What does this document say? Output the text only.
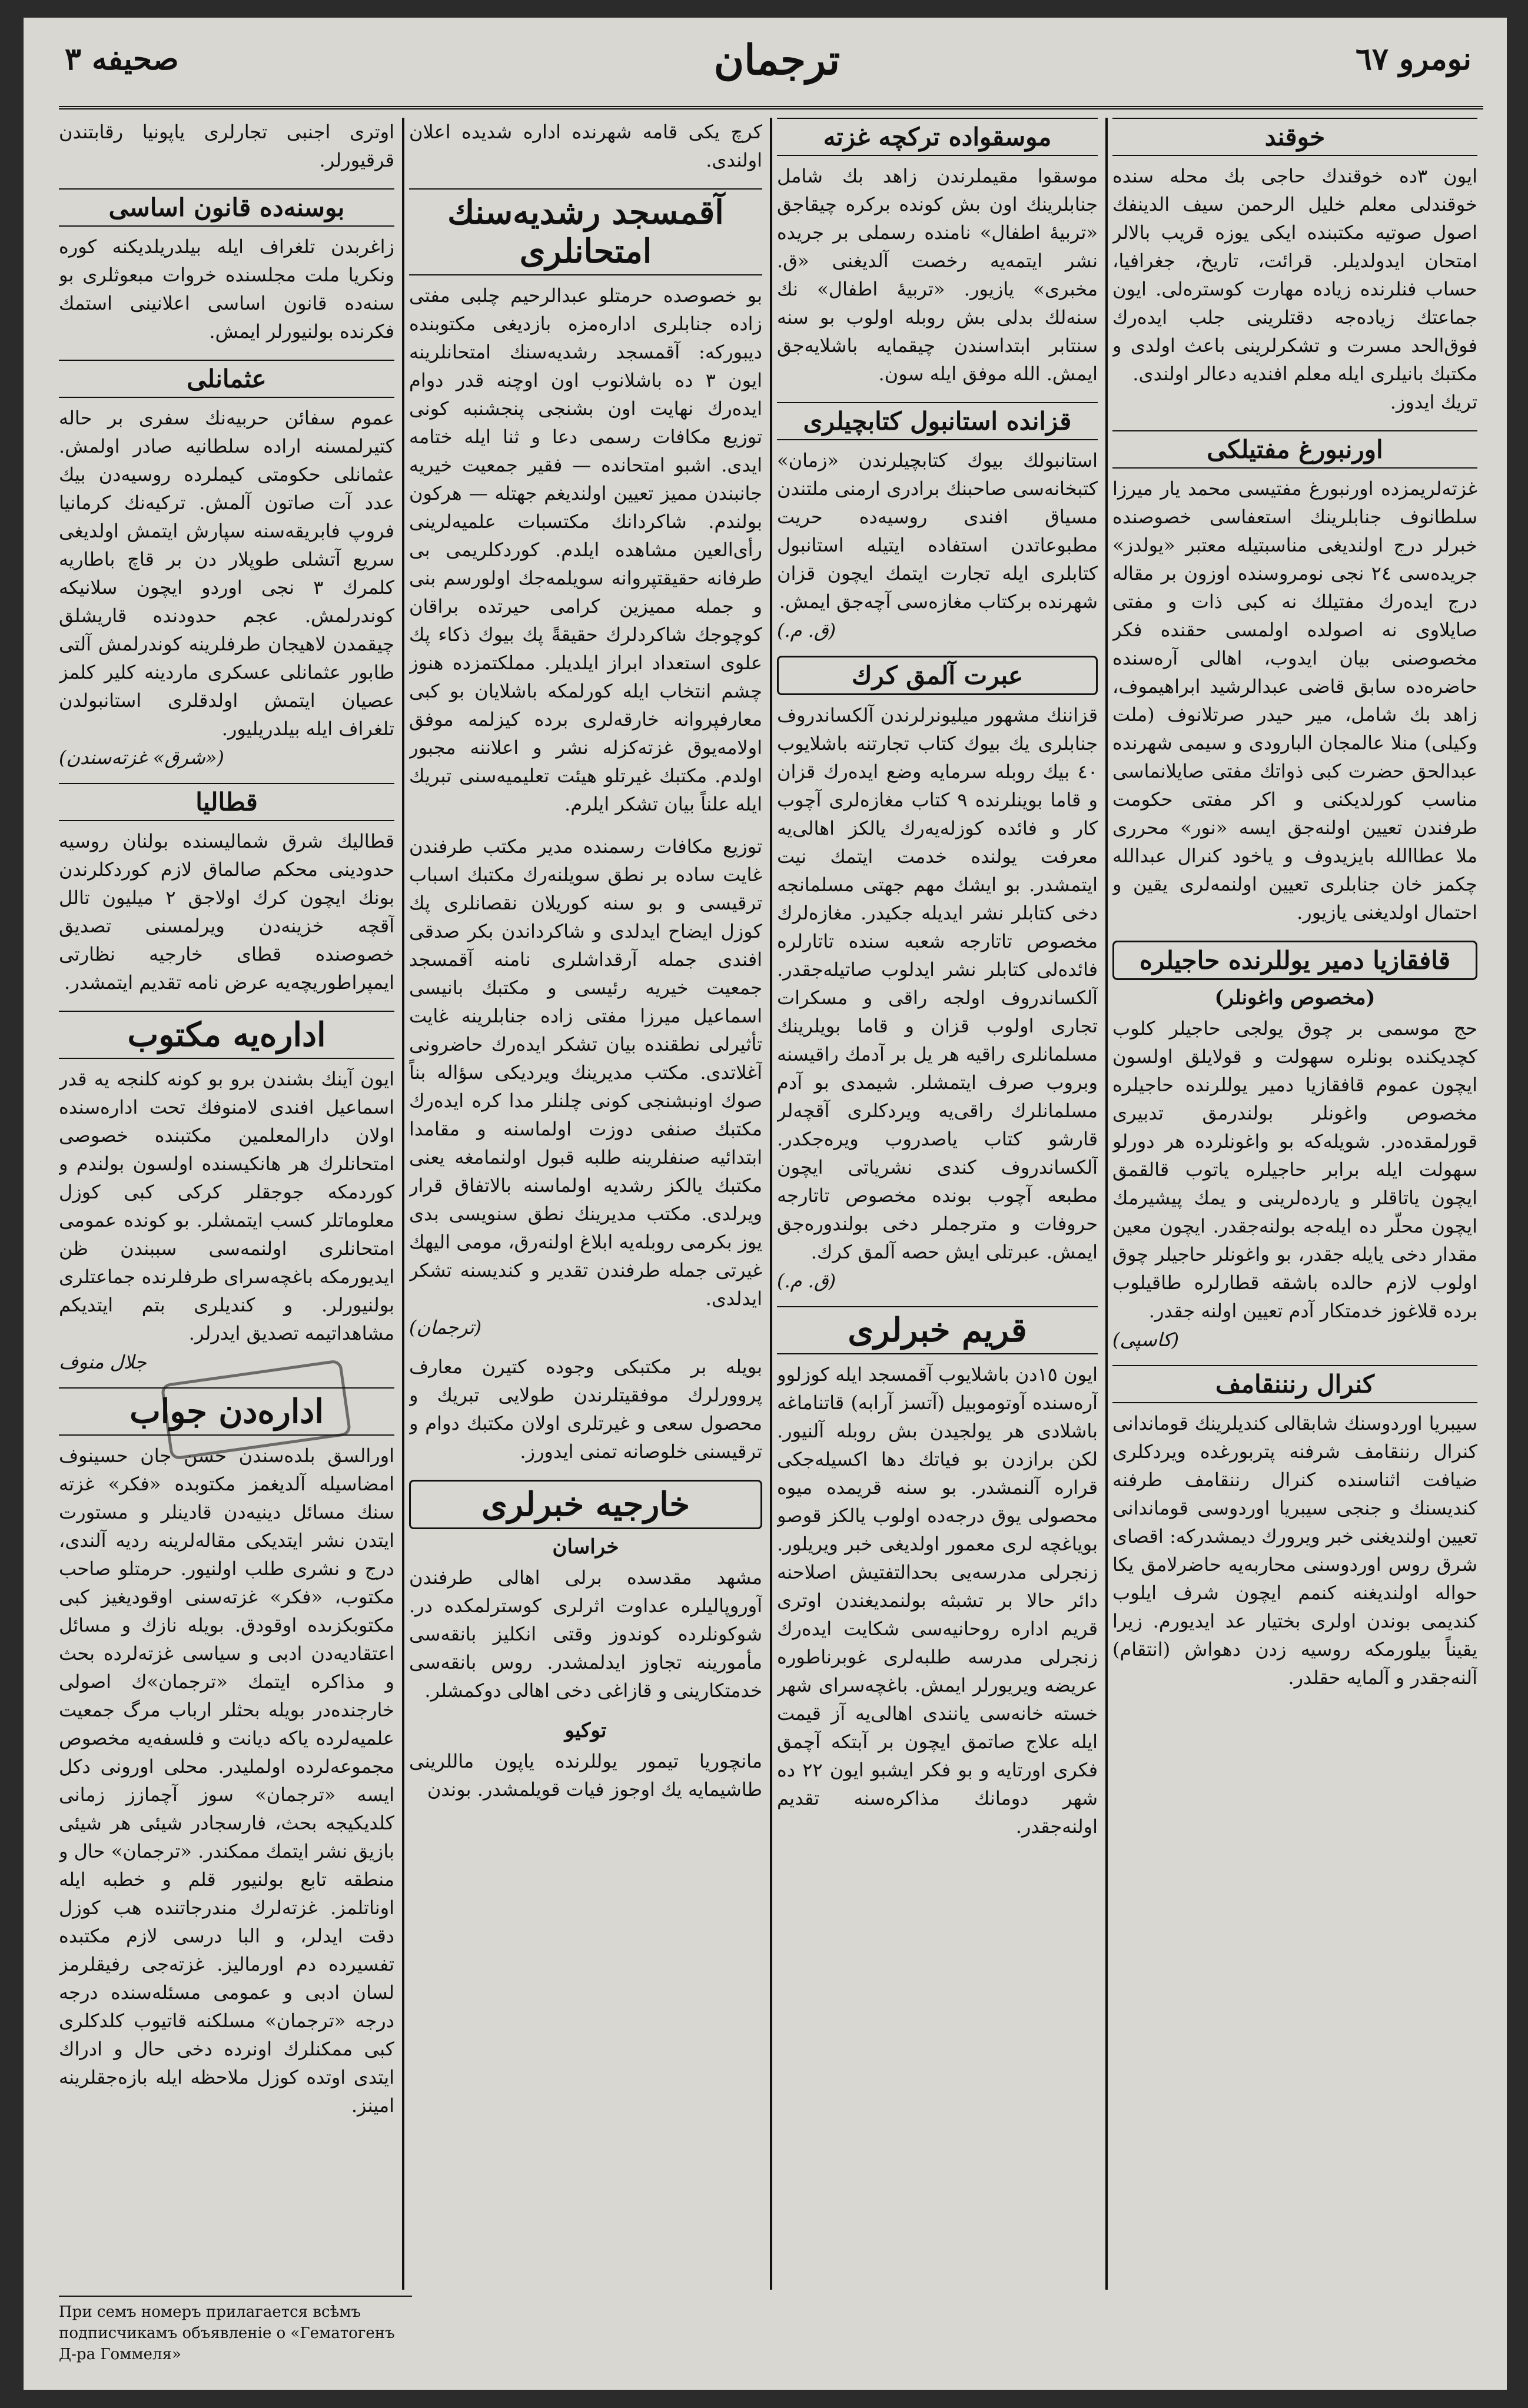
صحيفه ٣	ترجمان	نومرو ٦٧
خوقند
ايون ٣ده خوقندك حاجى بك محله سنده خوقندلى معلم خليل الرحمن سيف الدينفك اصول صوتيه مكتبنده ايكى يوزه قريب بالالر امتحان ايدولديلر. قرائت، تاريخ، جغرافيا، حساب فنلرنده زياده مهارت كوستره‌لى. ايون جماعتك زياده‌جه دقتلرينى جلب ايده‌رك فوق‌الحد مسرت و تشكرلرينى باعث اولدى و مكتبك بانيلرى ايله معلم افنديه دعالر اولندى.
تريك ايدوز.
اورنبورغ مفتيلكى
غزته‌لريمزده اورنبورغ مفتيسى محمد يار ميرزا سلطانوف جنابلرينك استعفاسى خصوصنده خبرلر درج اولنديغى مناسبتيله معتبر «يولدز» جريده‌سى ٢٤ نجى نومروسنده اوزون بر مقاله درج ايده‌رك مفتيلك نه كبى ذات و مفتى صايلاوى نه اصولده اولمسى حقنده فكر مخصوصنى بيان ايدوب، اهالى آره‌سنده حاضره‌ده سابق قاضى عبدالرشيد ابراهيموف، زاهد بك شامل، مير حيدر صرتلانوف (ملت وكيلى) منلا عالمجان البارودى و سيمى شهرنده عبدالحق حضرت كبى ذواتك مفتى صايلانماسى مناسب كورلديكنى و اكر مفتى حكومت طرفندن تعيين اولنه‌جق ايسه «نور» محررى ملا عطاالله بايزيدوف و ياخود كنرال عبدالله چكمز خان جنابلرى تعيين اولنمه‌لرى يقين و احتمال اولديغنى يازيور.
قافقازيا دمير يوللرنده حاجيلره
(مخصوص واغونلر)
حج موسمى بر چوق يولجى حاجيلر كلوب كچديكنده بونلره سهولت و قولايلق اولسون ايچون عموم قافقازيا دمير يوللرنده حاجيلره مخصوص واغونلر بولندرمق تدبيرى قورلمقده‌در. شويله‌كه بو واغونلرده هر دورلو سهولت ايله برابر حاجيلره ياتوب قالقمق ايچون ياتاقلر و يارده‌لرينى و يمك پيشيرمك ايچون محلّر ده ايله‌جه بولنه‌جقدر. ايچون معين مقدار دخى يايله جقدر، بو واغونلر حاجيلر چوق اولوب لازم حالده باشقه قطارلره طاقيلوب برده قلاغوز خدمتكار آدم تعيين اولنه جقدر.
(كاسپى)
كنرال رنننقامف
سيبريا اوردوسنك شابقالى كنديلرينك قوماندانى كنرال رننقامف شرفنه پتربورغده ويردكلرى ضيافت اثناسنده كنرال رننقامف طرفنه كنديسنك و جنجى سيبريا اوردوسى قوماندانى تعيين اولنديغنى خبر ويرورك ديمشدركه: اقصاى شرق روس اوردوسنى محاربه‌يه حاضرلامق يكا حواله اولنديغنه كنمم ايچون شرف ايلوب كنديمى بوندن اولرى بختيار عد ايديورم. زيرا يقيناً بيلورمكه روسيه زدن دهواش (انتقام) آلنه‌جقدر و آلمايه حقلدر.
موسقواده تركچه غزته
موسقوا مقيملرندن زاهد بك شامل جنابلرينك اون بش كونده بركره چيقاجق «تربيهٔ اطفال» نامنده رسملى بر جريده نشر ايتمه‌يه رخصت آلديغنى «ق. مخبرى» يازيور. «تربيهٔ اطفال» نك سنه‌لك بدلى بش روبله اولوب بو سنه سنتابر ابتداسندن چيقمايه باشلايه‌جق ايمش. الله موفق ايله سون.
قزانده استانبول كتابچيلرى
استانبولك بيوك كتابچيلرندن «زمان» كتبخانه‌سى صاحبنك برادرى ارمنى ملتندن مسياق افندى روسيه‌ده حريت مطبوعاتدن استفاده ايتيله استانبول كتابلرى ايله تجارت ايتمك ايچون قزان شهرنده بركتاب مغازه‌سى آچه‌جق ايمش.
(ق. م.)
عبرت آلمق كرك
قزاننك مشهور ميليونرلرندن آلكساندروف جنابلرى يك بيوك كتاب تجارتنه باشلايوب ٤٠ بيك روبله سرمايه وضع ايده‌رك قزان و قاما بوينلرنده ٩ كتاب مغازه‌لرى آچوب كار و فائده كوزله‌يه‌رك يالكز اهالى‌يه معرفت يولنده خدمت ايتمك نيت ايتمشدر. بو ايشك مهم جهتى مسلمانجه دخى كتابلر نشر ايديله جكيدر. مغازه‌لرك مخصوص تاتارجه شعبه سنده تاتارلره فائده‌لى كتابلر نشر ايدلوب صاتيله‌جقدر. آلكساندروف اولجه راقى و مسكرات تجارى اولوب قزان و قاما بويلرينك مسلمانلرى راقيه هر يل بر آدمك راقيسنه وبروب صرف ايتمشلر. شيمدى بو آدم مسلمانلرك راقى‌يه ويردكلرى آقچه‌لر قارشو كتاب ياصدروب ويره‌جكدر. آلكساندروف كندى نشرياتى ايچون مطبعه آچوب بونده مخصوص تاتارجه حروفات و مترجملر دخى بولندوره‌جق ايمش. عبرتلى ايش حصه آلمق كرك.
(ق. م.)
قريم خبرلرى
ايون ١٥دن باشلايوب آقمسجد ايله كوزلوو آره‌سنده آوتوموبيل (آتسز آرابه) قاتناماغه باشلادى هر يولجيدن بش روبله آلنيور. لكن برازدن بو فياتك دها اكسيله‌جكى قراره آلنمشدر. بو سنه قريمده ميوه محصولى يوق درجه‌ده اولوب يالكز قوصو بوياغچه لرى معمور اولديغى خبر ويريلور. زنجرلى مدرسه‌يى بحدالتفتيش اصلاحنه دائر حالا بر تشبثه بولنمديغندن اوترى قريم اداره روحانيه‌سى شكايت ايده‌رك زنجرلى مدرسه طلبه‌لرى غوبرناطوره عريضه ويريورلر ايمش. باغچه‌سراى شهر خسته خانه‌سى يانندى اهالى‌يه آز قيمت ايله علاج صاتمق ايچون بر آبتكه آچمق فكرى اورتايه و بو فكر ايشبو ايون ٢٢ ده شهر دومانك مذاكره‌سنه تقديم اولنه‌جقدر.
كرچ يكى قامه شهرنده اداره شديده اعلان اولندى.
آقمسجد رشديه‌سنك امتحانلرى
بو خصوصده حرمتلو عبدالرحيم چلبى مفتى زاده جنابلرى اداره‌مزه بازديغى مكتوبنده ديبوركه: آقمسجد رشديه‌سنك امتحانلرينه ايون ٣ ده باشلانوب اون اوچنه قدر دوام ايده‌رك نهايت اون بشنجى پنجشنبه كونى توزيع مكافات رسمى دعا و ثنا ايله ختامه ايدى. اشبو امتحانده — فقير جمعيت خيريه جانبندن مميز تعيين اولنديغم جهتله — هركون بولندم. شاكردانك مكتسبات علميه‌لرينى رأى‌العين مشاهده ايلدم. كوردكلريمى بى طرفانه حقيقتپروانه سويلمه‌جك اولورسم بنى و جمله مميزين كرامى حيرتده براقان كوچوجك شاكردلرك حقيقةً پك بيوك ذكاء پك علوى استعداد ابراز ايلديلر. مملكتمزده هنوز چشم انتخاب ايله كورلمكه باشلايان بو كبى معارفپروانه خارقه‌لرى برده كيزلمه موفق اولامه‌يوق غزته‌كزله نشر و اعلاننه مجبور اولدم. مكتبك غيرتلو هيئت تعليميه‌سنى تبريك ايله علناً بيان تشكر ايلرم.
توزيع مكافات رسمنده مدير مكتب طرفندن غايت ساده بر نطق سويلنه‌رك مكتبك اسباب ترقيسى و بو سنه كوريلان نقصانلرى پك كوزل ايضاح ايدلدى و شاكرداندن بكر صدقى افندى جمله آرقداشلرى نامنه آقمسجد جمعيت خيريه رئيسى و مكتبك بانيسى اسماعيل ميرزا مفتى زاده جنابلرينه غايت تأثيرلى نطقنده بيان تشكر ايده‌رك حاضرونى آغلاتدى. مكتب مديرينك ويرديكى سؤاله بناً صوك اونبشنجى كونى چلنلر مدا كره ايده‌رك مكتبك صنفى دوزت اولماسنه و مقامدا ابتدائيه صنفلرينه طلبه قبول اولنمامغه يعنى مكتبك يالكز رشديه اولماسنه بالاتفاق قرار ويرلدى. مكتب مديرينك نطق سنويسى بدى يوز بكرمى روبله‌يه ابلاغ اولنه‌رق، مومى اليهك غيرتى جمله طرفندن تقدير و كنديسنه تشكر ايدلدى.
(ترجمان)
بويله بر مكتبكى وجوده كتيرن معارف پروورلرك موفقيتلرندن طولايى تبريك و محصول سعى و غيرتلرى اولان مكتبك دوام و ترقيسنى خلوصانه تمنى ايدورز.
خارجيه خبرلرى
خراسان
مشهد مقدسده برلى اهالى طرفندن آوروپاليلره عداوت اثرلرى كوسترلمكده در. شوكونلرده كوندوز وقتى انكليز بانقه‌سى مأمورينه تجاوز ايدلمشدر. روس بانقه‌سى خدمتكارينى و قازاغى دخى اهالى دوكمشلر.
توكيو
مانچوريا تيمور يوللرنده ياپون ماللرينى طاشيمايه يك اوجوز فيات قويلمشدر. بوندن
اوترى اجنبى تجارلرى ياپونيا رقابتندن قرقيورلر.
بوسنه‌ده قانون اساسى
زاغربدن تلغراف ايله بيلدريلديكنه كوره ونكريا ملت مجلسنده خروات مبعوثلرى بو سنه‌ده قانون اساسى اعلانينى استمك فكرنده بولنيورلر ايمش.
عثمانلى
عموم سفائن حربيه‌نك سفرى بر حاله كتيرلمسنه اراده سلطانيه صادر اولمش. عثمانلى حكومتى كيملرده روسيه‌دن بيك عدد آت صاتون آلمش. تركيه‌نك كرمانيا فروپ فابريقه‌سنه سپارش ايتمش اولديغى سريع آتشلى طوپلار دن بر قاچ باطاريه كلمرك ٣ نجى اوردو ايچون سلانيكه كوندرلمش. عجم حدودنده قاريشلق چيقمدن لاهيجان طرفلرينه كوندرلمش آلتى طابور عثمانلى عسكرى ماردينه كلير كلمز عصيان ايتمش اولدقلرى استانبولدن تلغراف ايله بيلدريليور.
(«شرق» غزته‌سندن)
قطاليا
قطاليك شرق شماليسنده بولنان روسيه حدودينى محكم صالماق لازم كوردكلرندن بونك ايچون كرك اولاجق ٢ ميليون تالل آقچه خزينه‌دن ويرلمسنى تصديق خصوصنده قطاى خارجيه نظارتى ايمپراطوريچه‌يه عرض نامه تقديم ايتمشدر.
اداره‌يه مكتوب
ايون آينك بشندن برو بو كونه كلنجه يه قدر اسماعيل افندى لامنوفك تحت اداره‌سنده اولان دارالمعلمين مكتبنده خصوصى امتحانلرك هر هانكيسنده اولسون بولندم و كوردمكه جوجقلر كركى كبى كوزل معلوماتلر كسب ايتمشلر. بو كونده عمومى امتحانلرى اولنمه‌سى سببندن ظن ايديورمكه باغچه‌سراى طرفلرنده جماعتلرى بولنيورلر. و كنديلرى بتم ايتديكم مشاهداتيمه تصديق ايدرلر.
جلال منوف
اداره‌دن جواب
اورالسق بلده‌سندن حسن جان حسينوف امضاسيله آلديغمز مكتوبده «فكر» غزته سنك مسائل دينيه‌دن قادينلر و مستورت ايتدن نشر ايتديكى مقاله‌لرينه رديه آلندى، درج و نشرى طلب اولنيور. حرمتلو صاحب مكتوب، «فكر» غزته‌سنى اوقوديغيز كبى مكتوبكزىده اوقودق. بويله نازك و مسائل اعتقاديه‌دن ادبى و سياسى غزته‌لرده بحث و مذاكره ايتمك «ترجمان»ك اصولى خارجنده‌در بويله بحثلر ارباب مرگ جمعيت علميه‌لرده ياكه ديانت و فلسفه‌يه مخصوص مجموعه‌لرده اولمليدر. محلى اورونى دكل ايسه «ترجمان» سوز آچمازز زمانى كلديكيجه بحث، فارسجادر شيئى هر شيئى بازيق نشر ايتمك ممكندر. «ترجمان» حال و منطقه تابع بولنيور قلم و خطبه ايله اوناتلمز. غزته‌لرك مندرجاتنده هب كوزل دقت ايدلر، و البا درسى لازم مكتبده تفسيرده دم اورماليز. غزته‌جى رفيقلرمز لسان ادبى و عمومى مسئله‌سنده درجه درجه «ترجمان» مسلكنه قاتيوب كلدكلرى كبى ممكنلرك اونرده دخى حال و ادراك ايتدى اوتده كوزل ملاحظه ايله بازه‌جقلرينه امينز.
При семъ номеръ прилагается всѣмъ подписчикамъ объявленіе о «Гематогенъ Д-ра Гоммеля»
